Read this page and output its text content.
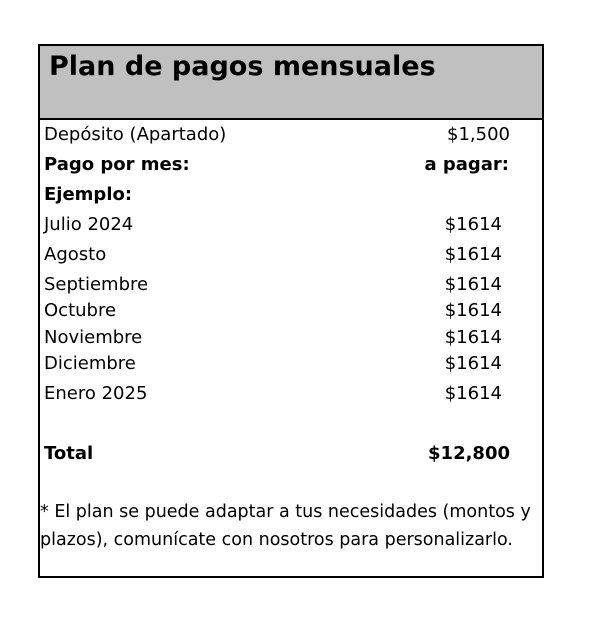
Plan de pagos mensuales
Depósito (Apartado)	$1,500
Pago por mes:	a pagar:
Ejemplo:
Julio 2024	$1614
Agosto	$1614
Septiembre	$1614
Octubre	$1614
Noviembre	$1614
Diciembre	$1614
Enero 2025	$1614
Total	$12,800
* El plan se puede adaptar a tus necesidades (montos y plazos), comunícate con nosotros para personalizarlo.
